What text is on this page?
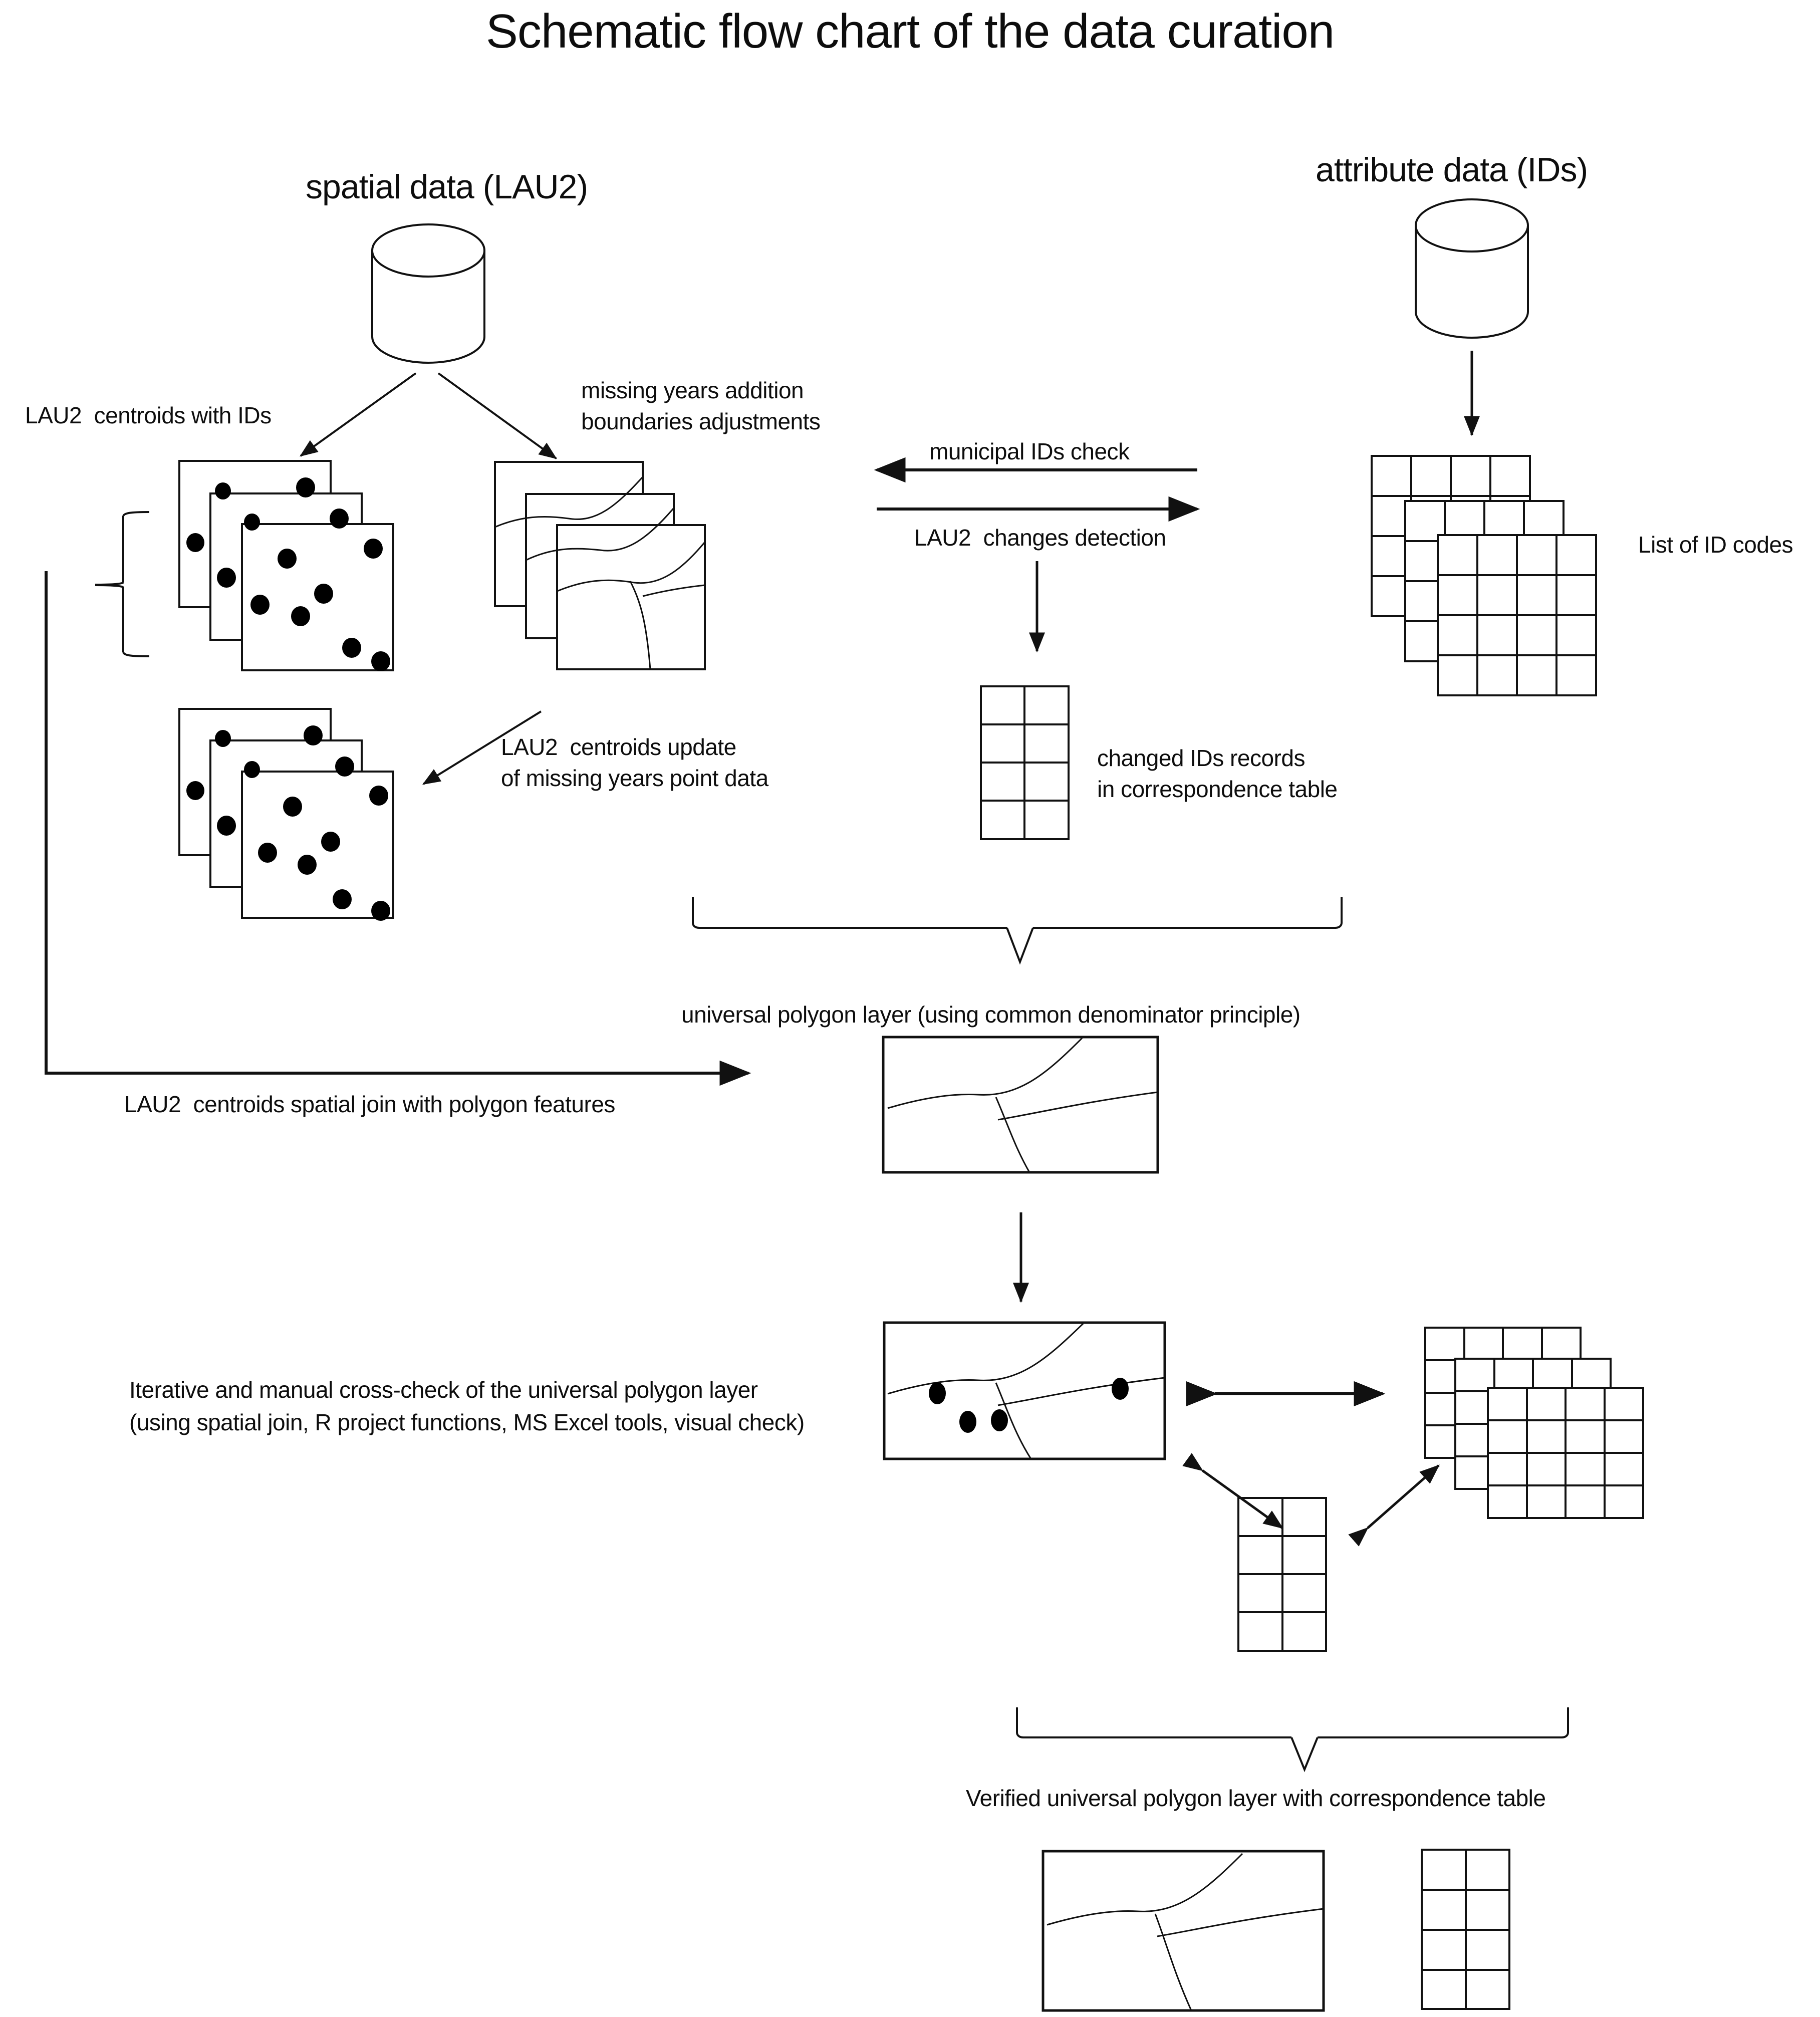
Schematic flow chart of the data curation
spatial data (LAU2)	attribute data (IDs)
LAU2  centroids with IDs
missing years addition
boundaries adjustments
municipal IDs check
LAU2  changes detection	List of ID codes
changed IDs records
in correspondence table
LAU2  centroids update
of missing years point data
universal polygon layer (using common denominator principle)
LAU2  centroids spatial join with polygon features
Iterative and manual cross-check of the universal polygon layer
(using spatial join, R project functions, MS Excel tools, visual check)
Verified universal polygon layer with correspondence table
